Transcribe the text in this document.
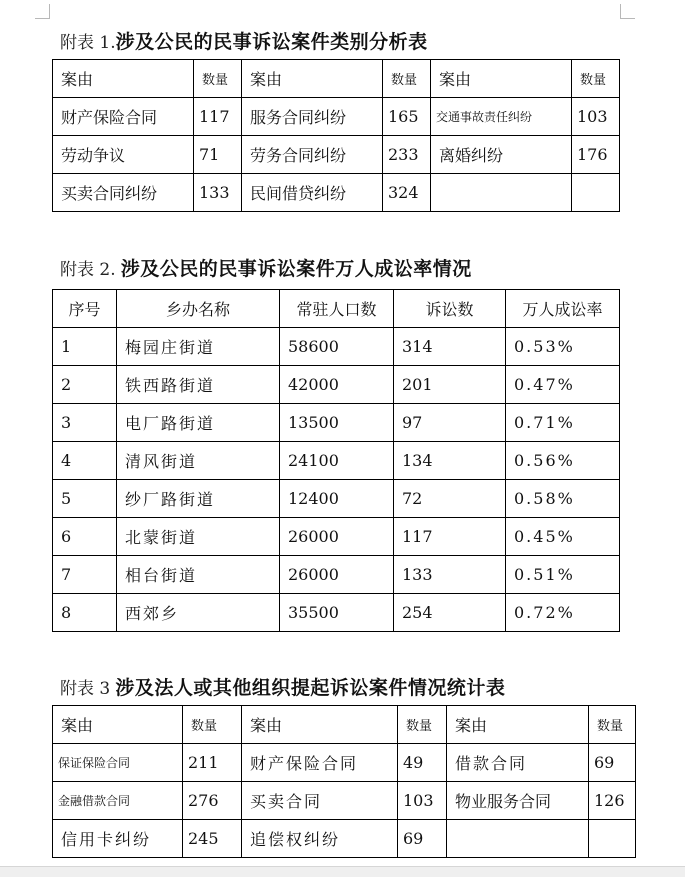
附表 1.涉及公民的民事诉讼案件类别分析表
案由	数量	案由	数量	案由	数量
财产保险合同	117	服务合同纠纷	165	交通事故责任纠纷	103
劳动争议	71	劳务合同纠纷	233	离婚纠纷	176
买卖合同纠纷	133	民间借贷纠纷	324		
附表 2. 涉及公民的民事诉讼案件万人成讼率情况
序号	乡办名称	常驻人口数	诉讼数	万人成讼率
1	梅园庄街道	58600	314	0.53%
2	铁西路街道	42000	201	0.47%
3	电厂路街道	13500	97	0.71%
4	清风街道	24100	134	0.56%
5	纱厂路街道	12400	72	0.58%
6	北蒙街道	26000	117	0.45%
7	相台街道	26000	133	0.51%
8	西郊乡	35500	254	0.72%
附表 3 涉及法人或其他组织提起诉讼案件情况统计表
案由	数量	案由	数量	案由	数量
保证保险合同	211	财产保险合同	49	借款合同	69
金融借款合同	276	买卖合同	103	物业服务合同	126
信用卡纠纷	245	追偿权纠纷	69		
